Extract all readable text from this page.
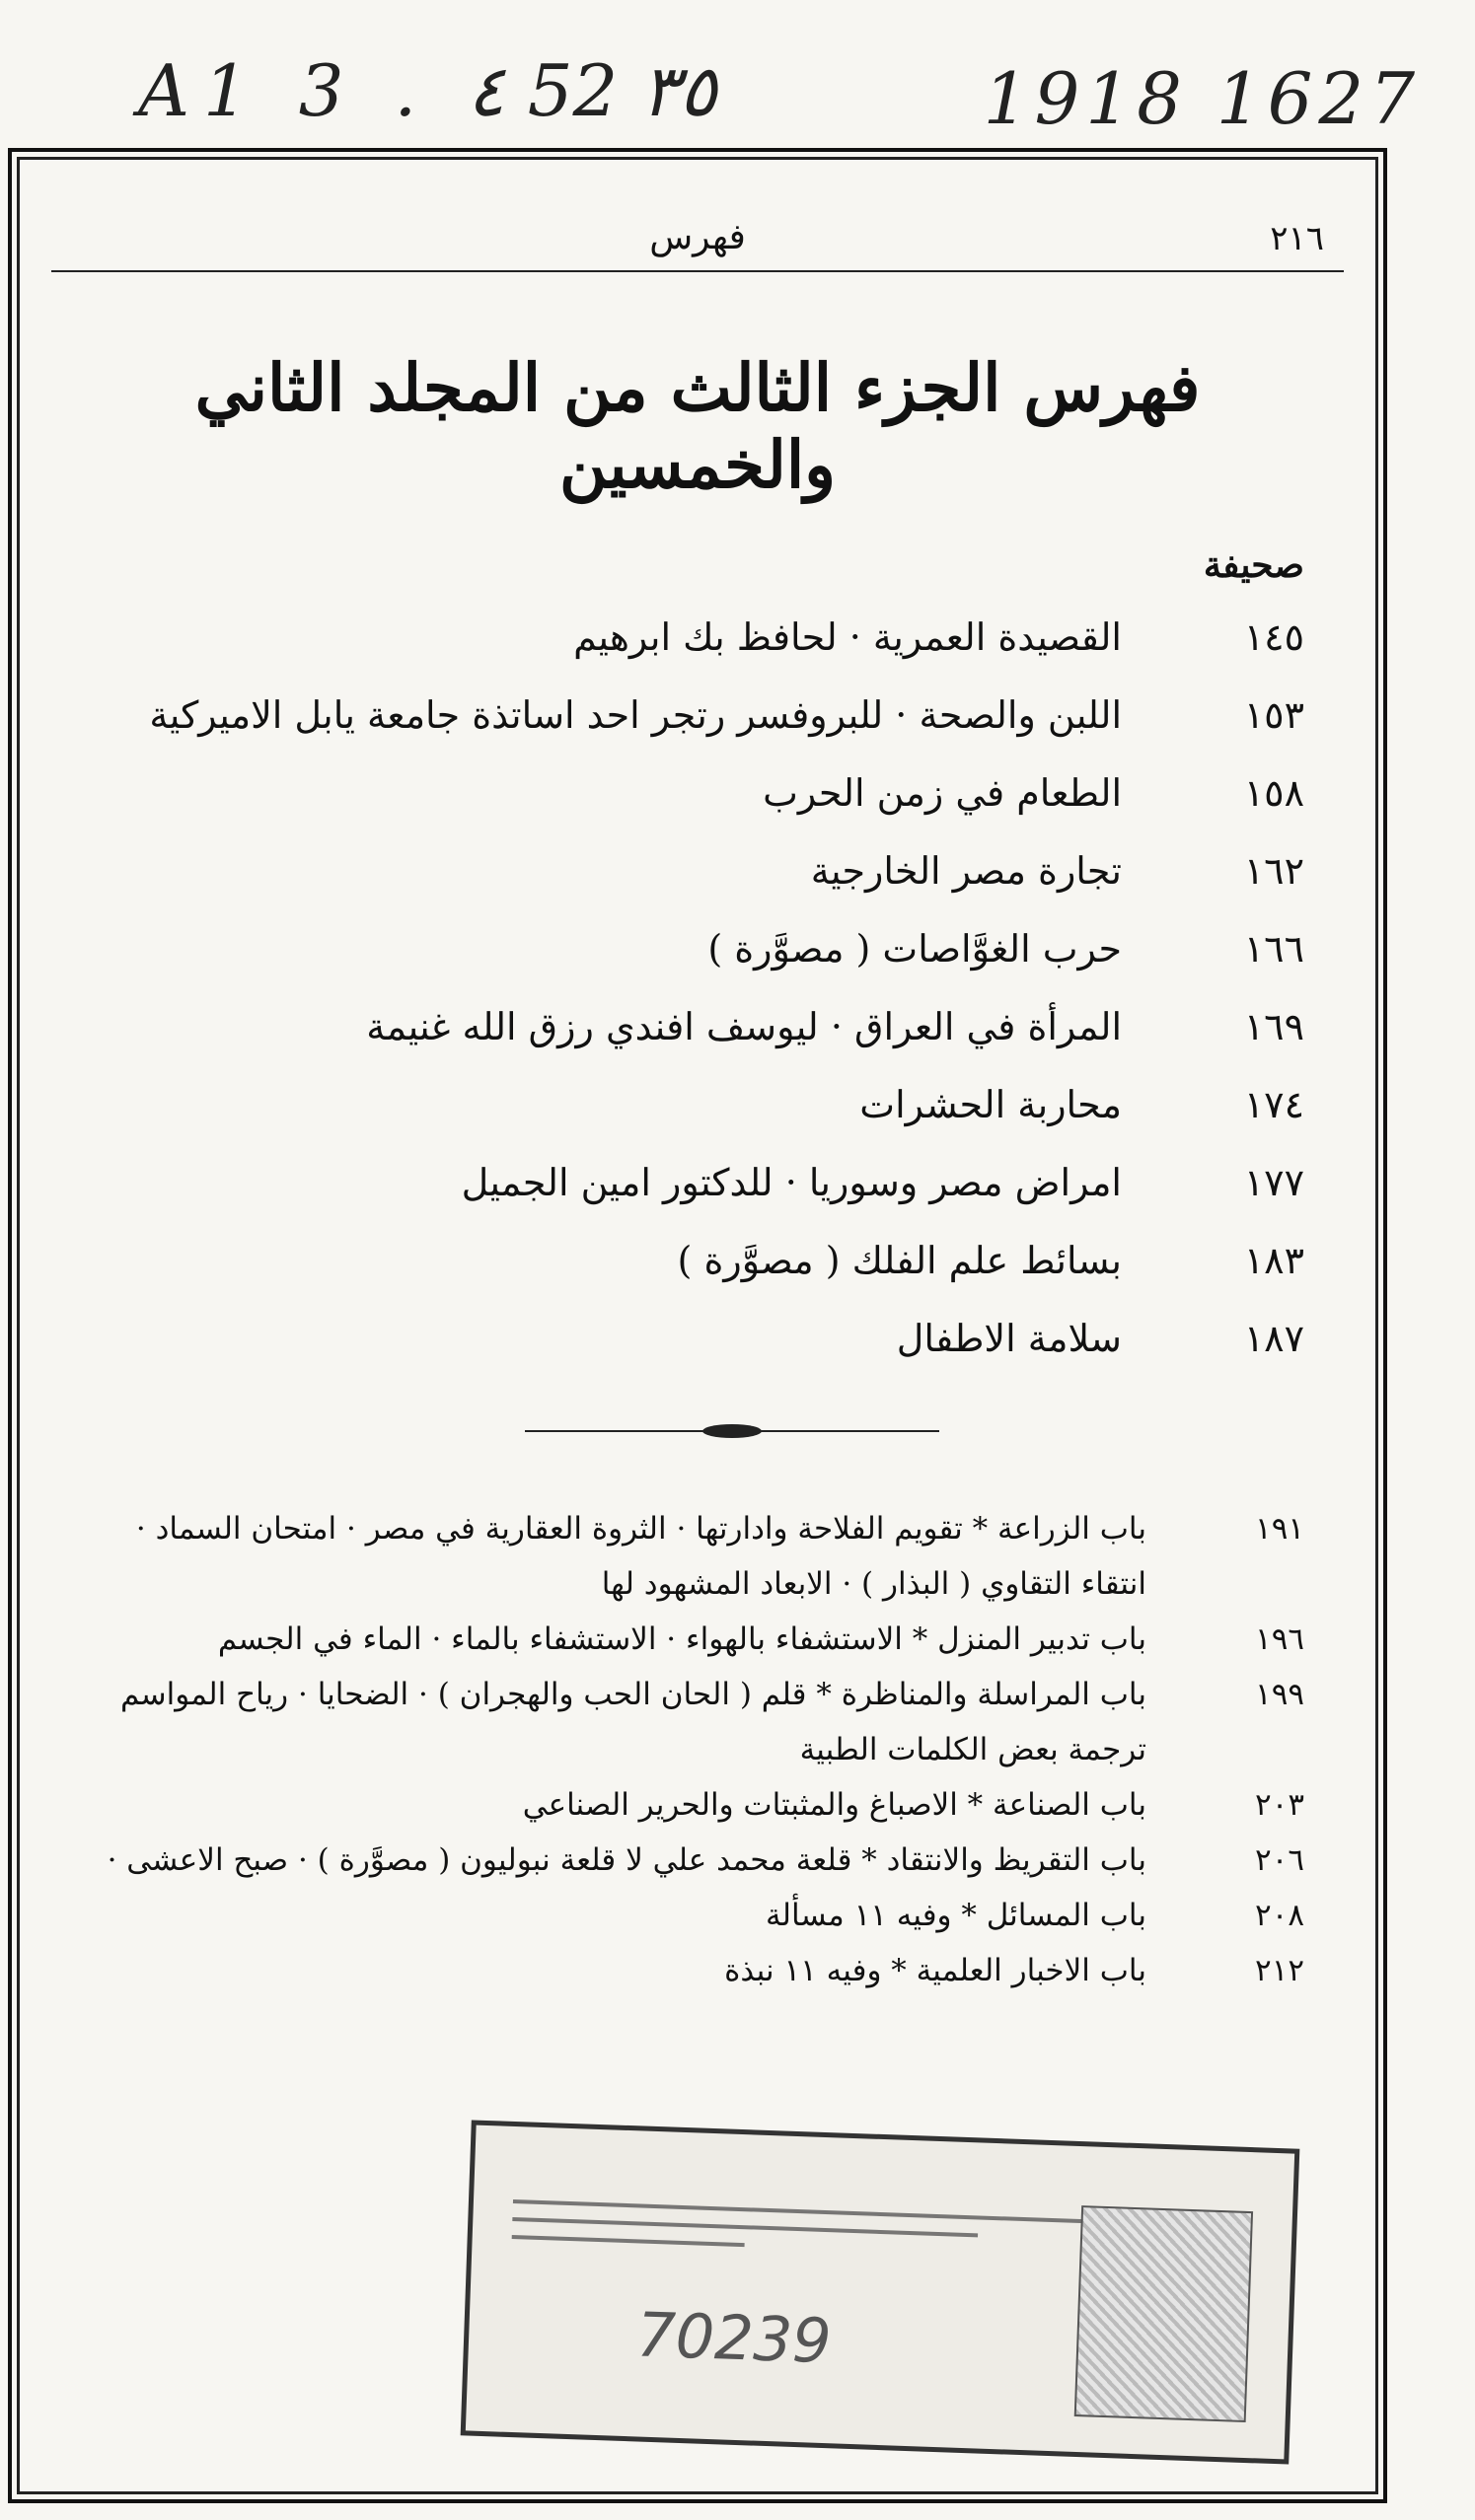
A1 3 . ٤ 52 ٣٥	1918 1627
٢١٦
فهرس
فهرس الجزء الثالث من المجلد الثاني والخمسين
صحيفة
١٤٥
القصيدة العمرية · لحافظ بك ابرهيم
١٥٣
اللبن والصحة · للبروفسر رتجر احد اساتذة جامعة يابل الاميركية
١٥٨
الطعام في زمن الحرب
١٦٢
تجارة مصر الخارجية
١٦٦
حرب الغوَّاصات ( مصوَّرة )
١٦٩
المرأة في العراق · ليوسف افندي رزق الله غنيمة
١٧٤
محاربة الحشرات
١٧٧
امراض مصر وسوريا · للدكتور امين الجميل
١٨٣
بسائط علم الفلك ( مصوَّرة )
١٨٧
سلامة الاطفال
١٩١
باب الزراعة * تقويم الفلاحة وادارتها · الثروة العقارية في مصر · امتحان السماد ·
انتقاء التقاوي ( البذار ) · الابعاد المشهود لها
١٩٦
باب تدبير المنزل * الاستشفاء بالهواء · الاستشفاء بالماء · الماء في الجسم
١٩٩
باب المراسلة والمناظرة * قلم ( الحان الحب والهجران ) · الضحايا · رياح المواسم
ترجمة بعض الكلمات الطبية
٢٠٣
باب الصناعة * الاصباغ والمثبتات والحرير الصناعي
٢٠٦
باب التقريظ والانتقاد * قلعة محمد علي لا قلعة نبوليون ( مصوَّرة ) · صبح الاعشى ·
٢٠٨
باب المسائل * وفيه ١١ مسألة
٢١٢
باب الاخبار العلمية * وفيه ١١ نبذة
70239
